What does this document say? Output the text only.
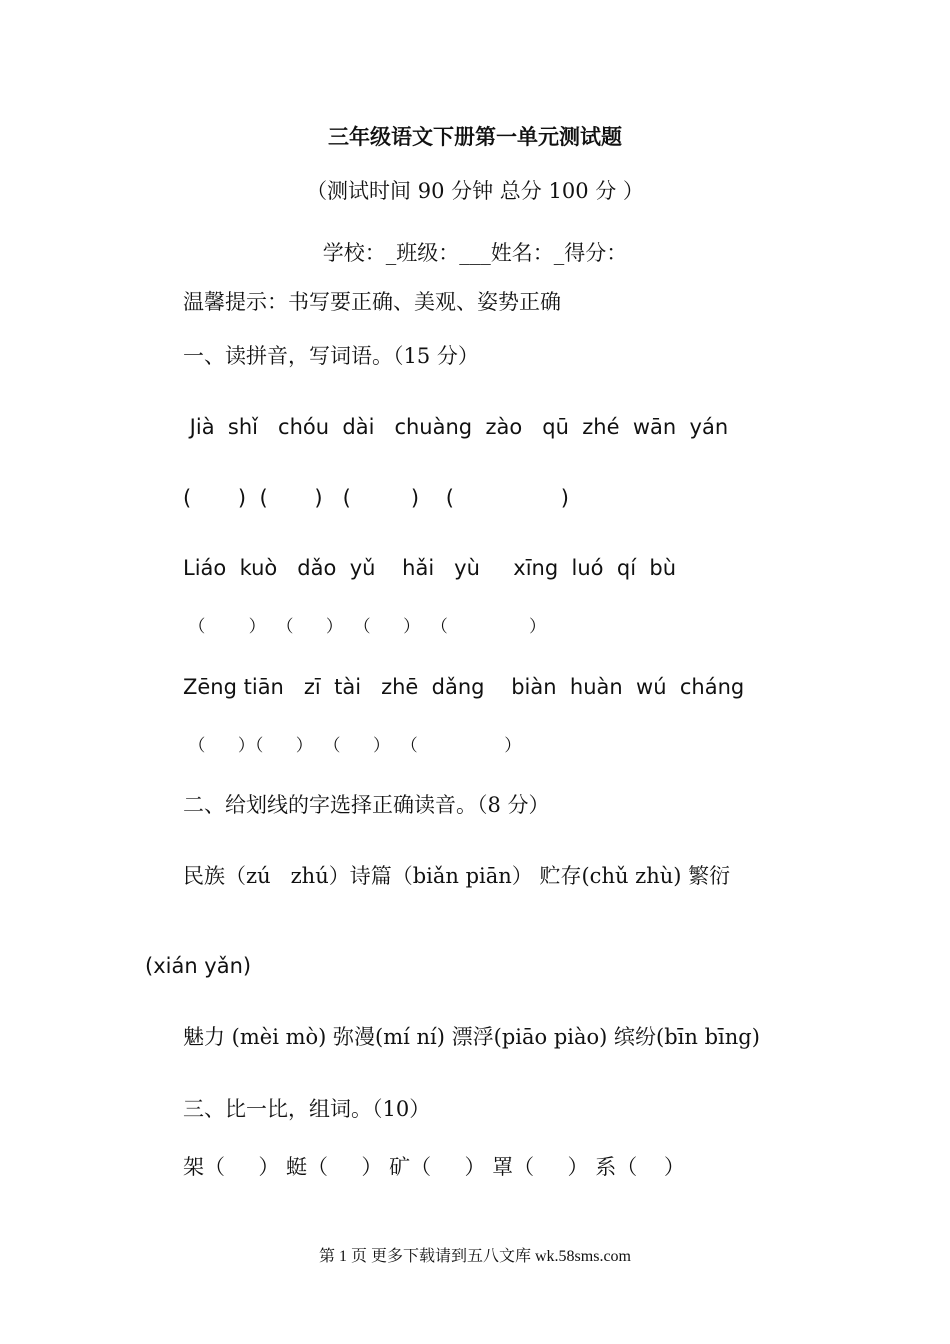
三年级语文下册第一单元测试题
（测试时间 90 分钟 总分 100 分 ）
学校：_班级：___姓名：_得分：
温馨提示：书写要正确、美观、姿势正确
一、读拼音，写词语。（15 分）
Jià  shǐ   chóu  dài   chuàng  zào   qū  zhé  wān  yán
(       )  (       )   (         )    (                )
Liáo  kuò   dǎo  yǔ    hǎi   yù     xīng  luó  qí  bù
（        ）  （      ）  （      ）  （               ）
Zēng tiān   zī  tài   zhē  dǎng    biàn  huàn  wú  cháng
（      ）（      ）  （      ）  （                ）
二、给划线的字选择正确读音。（8 分）
民族（zú   zhú）诗篇（biǎn piān） 贮存(chǔ zhù) 繁衍
(xián yǎn)
魅力 (mèi mò) 弥漫(mí ní) 漂浮(piāo piào) 缤纷(bīn bīng)
三、比一比，组词。（10）
架（     ） 蜓（     ） 矿（     ） 罩（     ） 系（    ）
第 1 页 更多下载请到五八文库 wk.58sms.com
